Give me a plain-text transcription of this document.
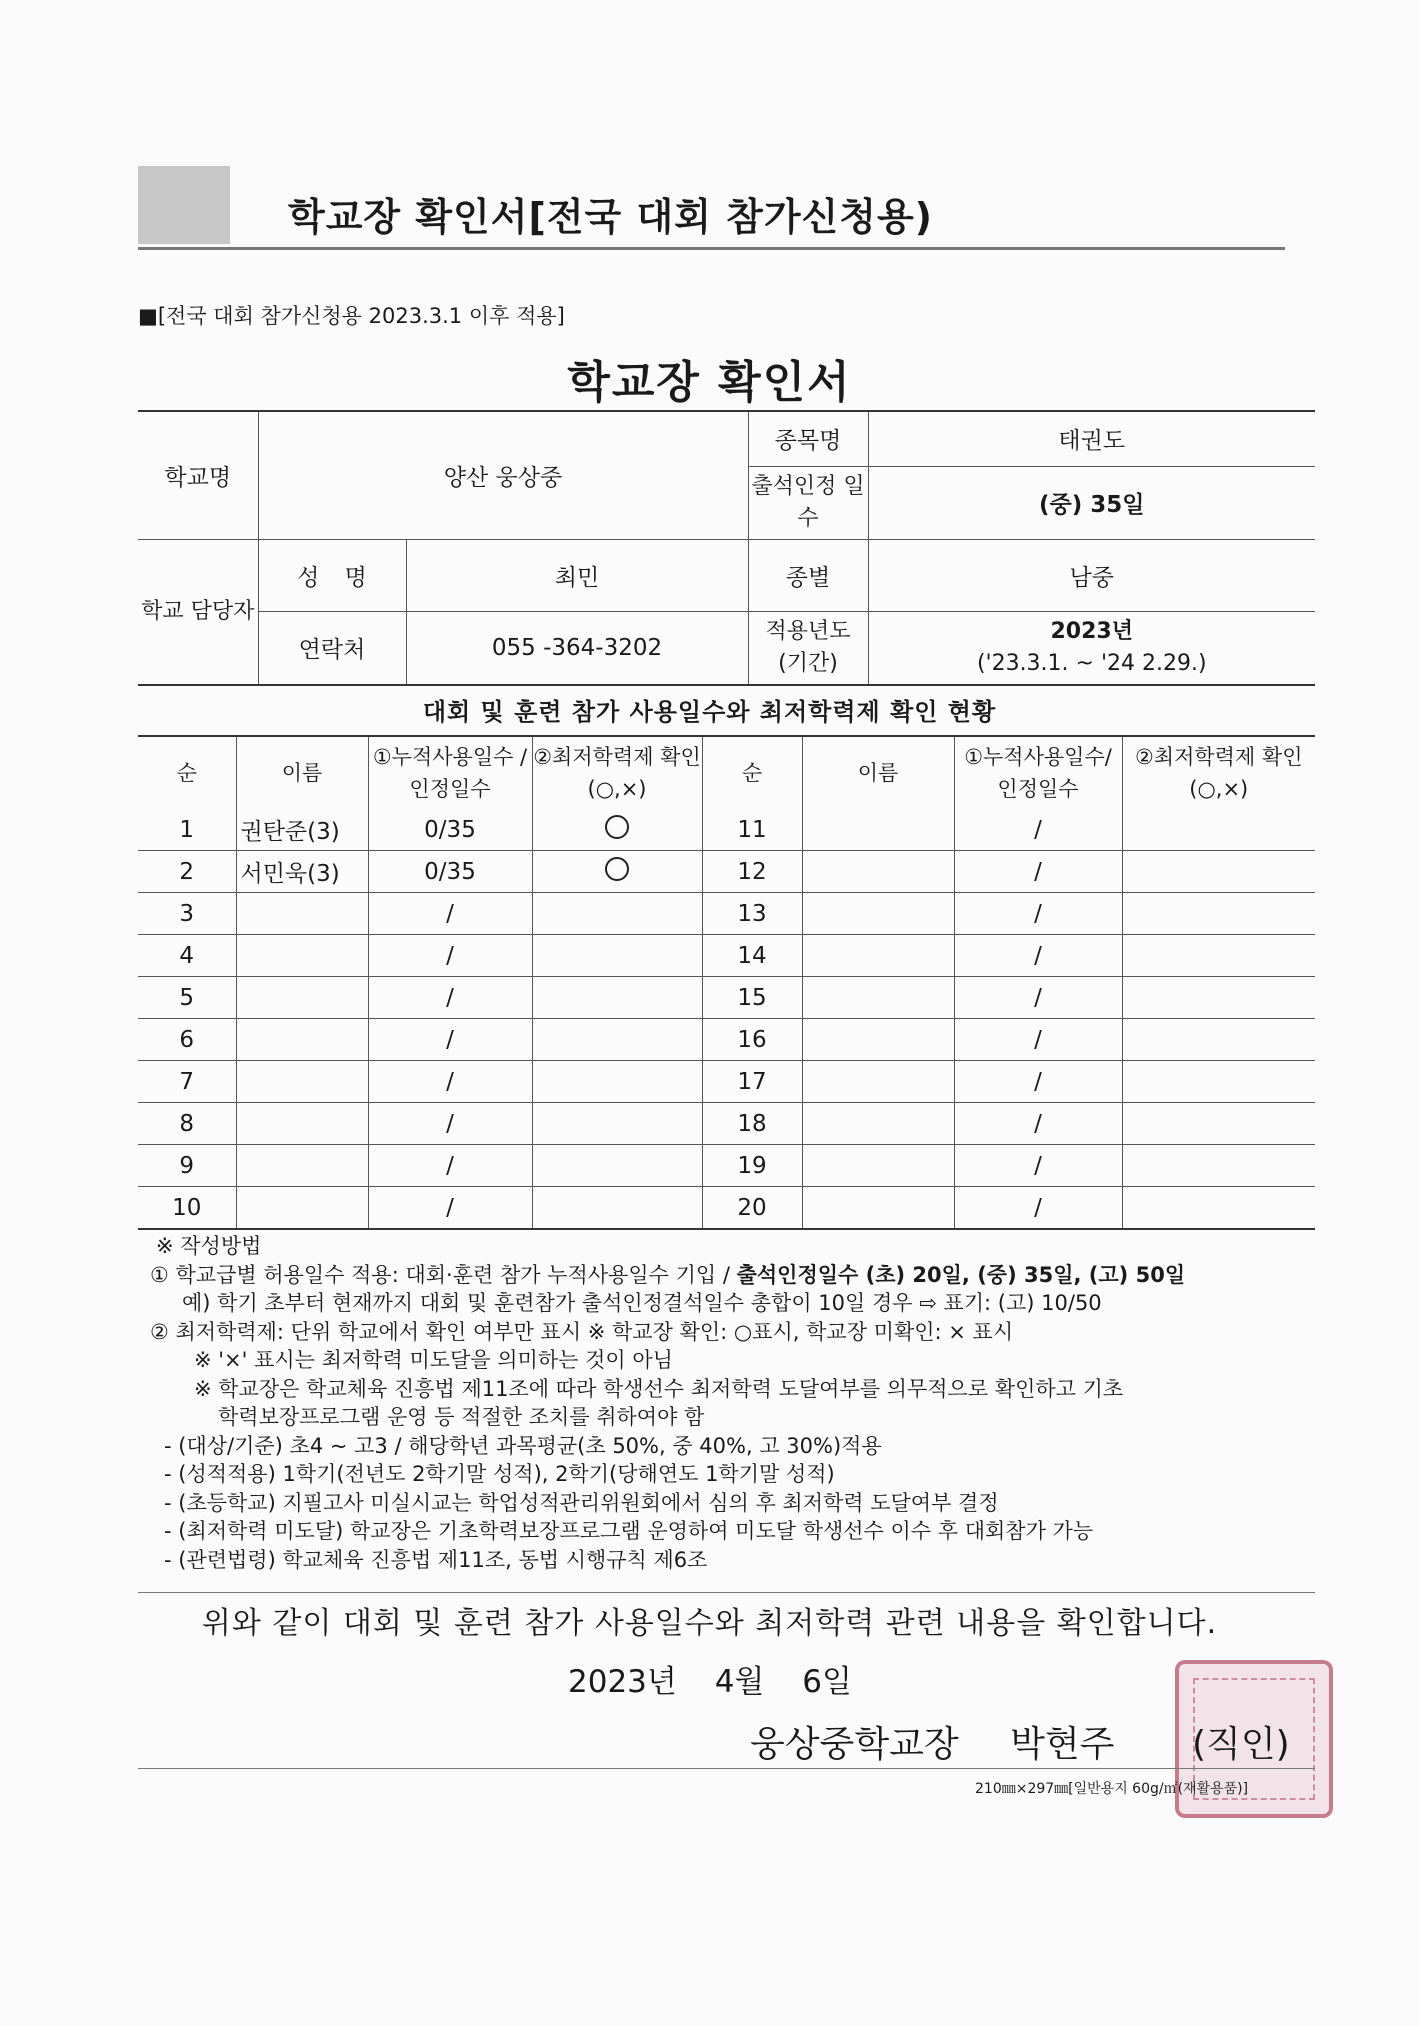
학교장 확인서[전국 대회 참가신청용)
■[전국 대회 참가신청용 2023.3.1 이후 적용]
학교장 확인서
학교명	양산 웅상중		종목명	태권도
			출석인정 일수	(중) 35일
학교 담당자	성 명	최민	종별	남중
	연락처	055 -364-3202	적용년도 (기간)	2023년
('23.3.1. ~ '24 2.29.)
대회 및 훈련 참가 사용일수와 최저학력제 확인 현황
순	이름	①누적사용일수 /인정일수	②최저학력제 확인(○,×)	순	이름	①누적사용일수/ 인정일수	②최저학력제 확인(○,×)
1	권탄준(3)	0/35		11		/	
2	서민욱(3)	0/35		12		/	
3		/		13		/	
4		/		14		/	
5		/		15		/	
6		/		16		/	
7		/		17		/	
8		/		18		/	
9		/		19		/	
10		/		20		/	

※ 작성방법

① 학교급별 허용일수 적용: 대회·훈련 참가 누적사용일수 기입 / 출석인정일수 (초) 20일, (중) 35일, (고) 50일

예) 학기 초부터 현재까지 대회 및 훈련참가 출석인정결석일수 총합이 10일 경우 ⇨ 표기: (고) 10/50

② 최저학력제: 단위 학교에서 확인 여부만 표시 ※ 학교장 확인: ○표시, 학교장 미확인: × 표시

※ '×' 표시는 최저학력 미도달을 의미하는 것이 아님

※ 학교장은 학교체육 진흥법 제11조에 따라 학생선수 최저학력 도달여부를 의무적으로 확인하고 기초

학력보장프로그램 운영 등 적절한 조치를 취하여야 함

- (대상/기준) 초4 ~ 고3 / 해당학년 과목평균(초 50%, 중 40%, 고 30%)적용

- (성적적용) 1학기(전년도 2학기말 성적), 2학기(당해연도 1학기말 성적)

- (초등학교) 지필고사 미실시교는 학업성적관리위원회에서 심의 후 최저학력 도달여부 결정

- (최저학력 미도달) 학교장은 기초학력보장프로그램 운영하여 미도달 학생선수 이수 후 대회참가 가능

- (관련법령) 학교체육 진흥법 제11조, 동법 시행규칙 제6조

위와 같이 대회 및 훈련 참가 사용일수와 최저학력 관련 내용을 확인합니다.
2023년 4월 6일
웅상중학교장 박현주 (직인)
210㎜×297㎜[일반용지 60g/㎡(재활용품)]
